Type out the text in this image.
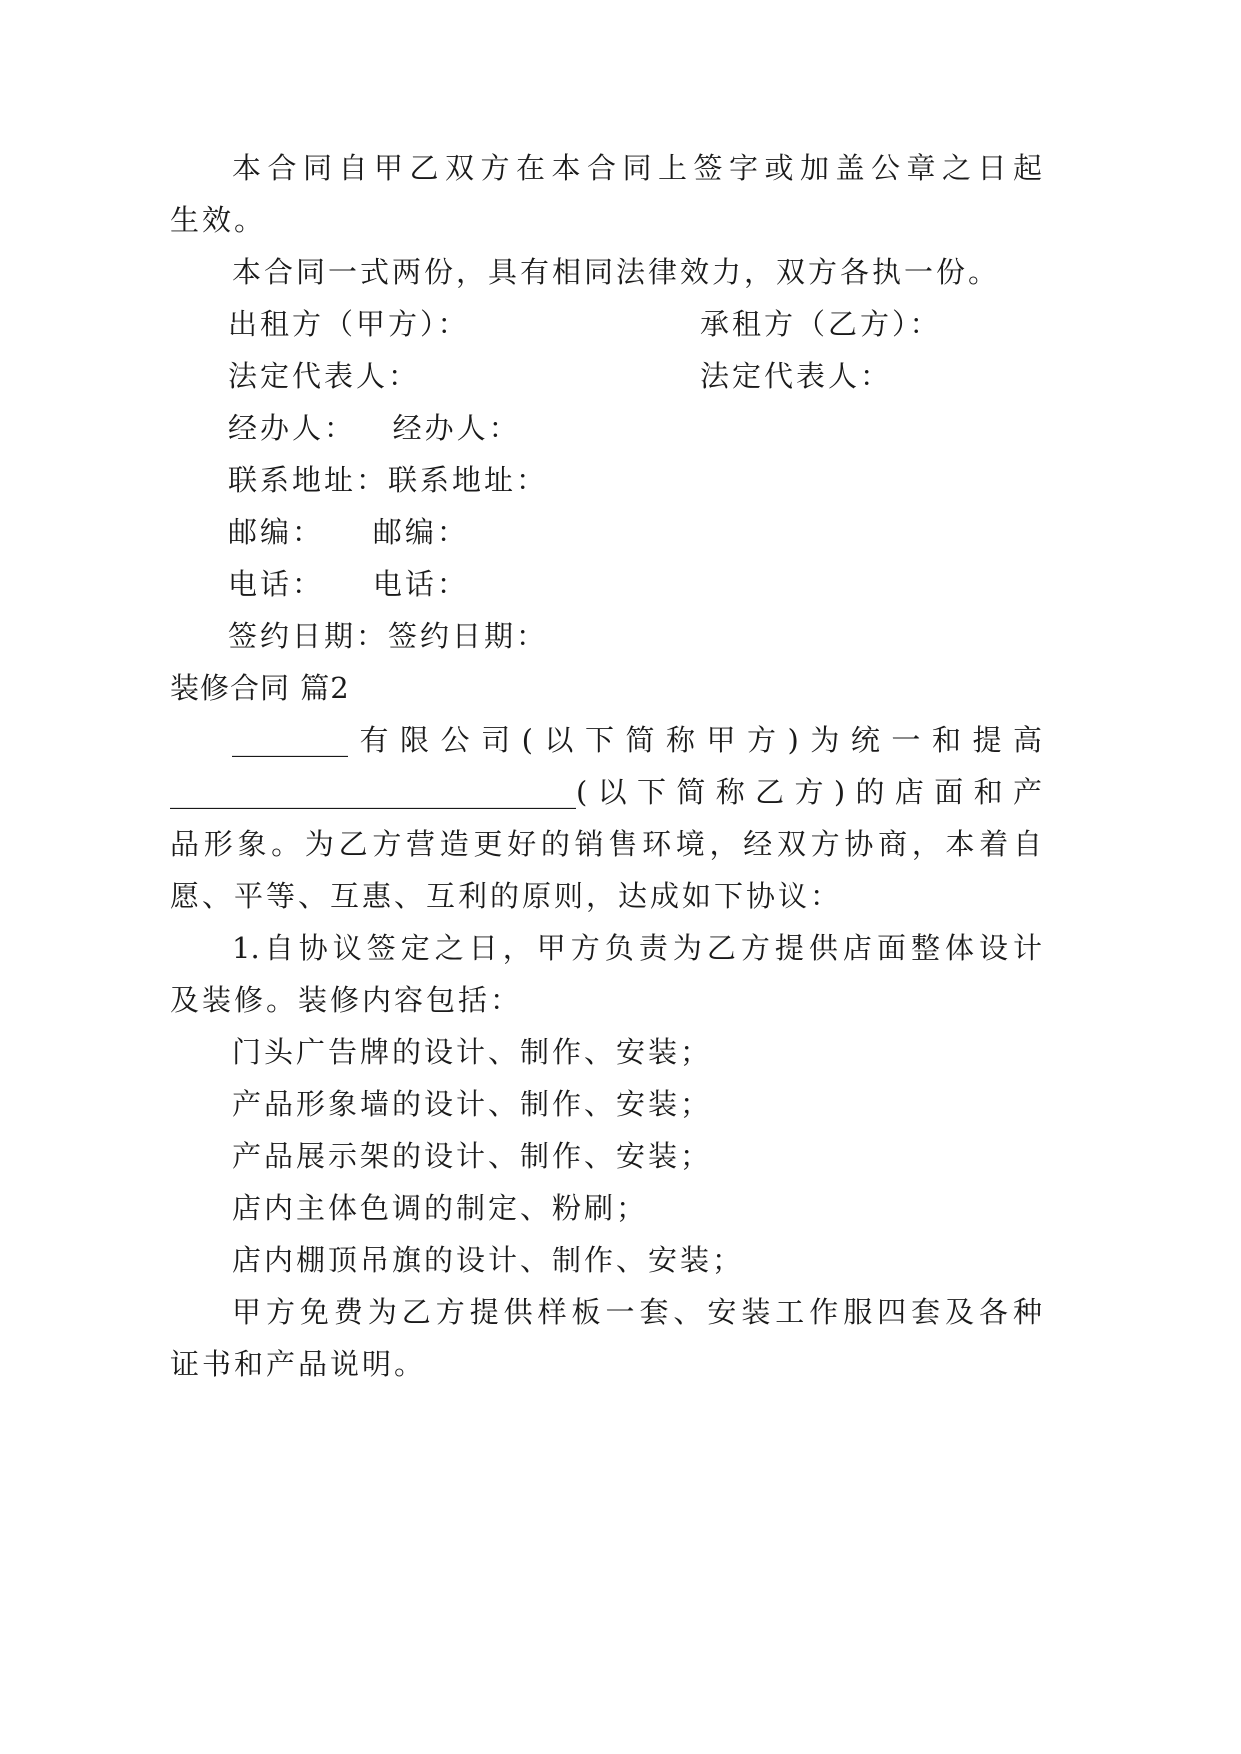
本合同自甲乙双方在本合同上签字或加盖公章之日起
生效。
本合同一式两份，具有相同法律效力，双方各执一份。
出租方（甲方）：	承租方（乙方）：
法定代表人：	法定代表人：
经办人：   经办人：
联系地址：联系地址：
邮编：    邮编：
电话：    电话：
签约日期：签约日期：
装修合同 篇2
________有限公司(以下简称甲方)为统一和提高
____________________________(以下简称乙方)的店面和产
品形象。为乙方营造更好的销售环境，经双方协商，本着自
愿、平等、互惠、互利的原则，达成如下协议：
1.自协议签定之日，甲方负责为乙方提供店面整体设计
及装修。装修内容包括：
门头广告牌的设计、制作、安装；
产品形象墙的设计、制作、安装；
产品展示架的设计、制作、安装；
店内主体色调的制定、粉刷；
店内棚顶吊旗的设计、制作、安装；
甲方免费为乙方提供样板一套、安装工作服四套及各种
证书和产品说明。
